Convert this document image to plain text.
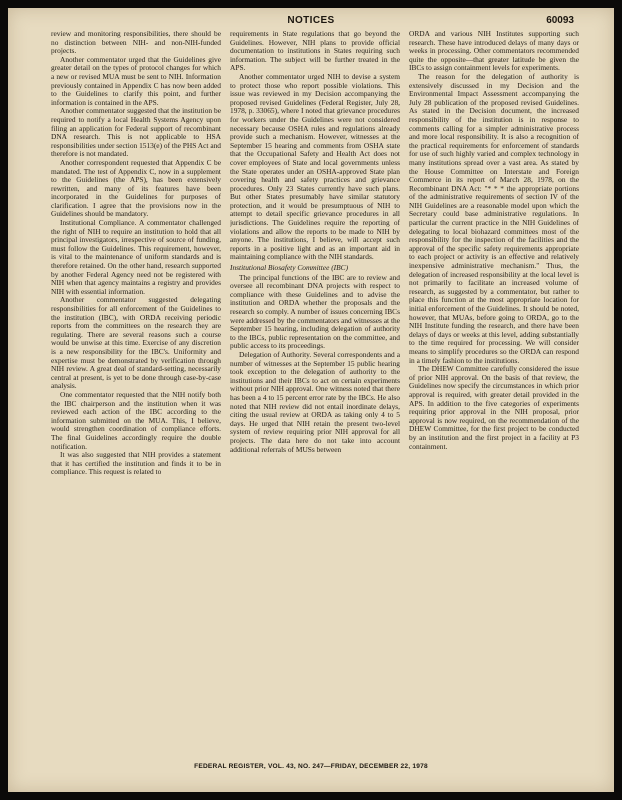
NOTICES	60093

review and monitoring responsibilities, there should be no distinction between NIH- and non-NIH-funded projects.

Another commentator urged that the Guidelines give greater detail on the types of protocol changes for which a new or revised MUA must be sent to NIH. Information previously contained in Appendix C has now been added to the Guidelines to clarify this point, and further information is contained in the APS.

Another commentator suggested that the institution be required to notify a local Health Systems Agency upon filing an application for Federal support of recombinant DNA research. This is not applicable to HSA responsibilities under section 1513(e) of the PHS Act and therefore is not mandated.

Another correspondent requested that Appendix C be mandated. The test of Appendix C, now in a supplement to the Guidelines (the APS), has been extensively rewritten, and many of its features have been incorporated in the Guidelines for purposes of clarification. I agree that the provisions now in the Guidelines should be mandatory.

Institutional Compliance. A commentator challenged the right of NIH to require an institution to hold that all principal investigators, irrespective of source of funding, must follow the Guidelines. This requirement, however, is vital to the maintenance of uniform standards and is therefore retained. On the other hand, research supported by another Federal Agency need not be registered with NIH when that agency maintains a registry and provides NIH with essential information.

Another commentator suggested delegating responsibilities for all enforcement of the Guidelines to the institution (IBC), with ORDA receiving periodic reports from the committees on the research they are regulating. There are several reasons such a course would be unwise at this time. Exercise of any discretion is a new responsibility for the IBC's. Uniformity and expertise must be demonstrated by verification through NIH review. A great deal of standard-setting, necessarily central at present, is yet to be done through case-by-case analysis.

One commentator requested that the NIH notify both the IBC chairperson and the institution when it was reviewed each action of the IBC according to the information submitted on the MUA. This, I believe, would strengthen coordination of compliance efforts. The final Guidelines accordingly require the double notification.

It was also suggested that NIH provides a statement that it has certified the institution and finds it to be in compliance. This request is related to

requirements in State regulations that go beyond the Guidelines. However, NIH plans to provide official documentation to institutions in States requiring such information. The subject will be further treated in the APS.

Another commentator urged NIH to devise a system to protect those who report possible violations. This issue was reviewed in my Decision accompanying the proposed revised Guidelines (Federal Register, July 28, 1978, p. 33065), where I noted that grievance procedures for workers under the Guidelines were not considered necessary because OSHA rules and regulations already provide such a mechanism. However, witnesses at the September 15 hearing and comments from OSHA state that the Occupational Safety and Health Act does not cover employees of State and local governments unless the State operates under an OSHA-approved State plan covering health and safety practices and grievance procedures. Only 23 States currently have such plans. But other States presumably have similar statutory protection, and it would be presumptuous of NIH to attempt to detail specific grievance procedures in all jurisdictions. The Guidelines require the reporting of violations and allow the reports to be made to NIH by anyone. The institutions, I believe, will accept such reports in a positive light and as an important aid in maintaining compliance with the NIH standards.

Institutional Biosafety Committee (IBC)

The principal functions of the IBC are to review and oversee all recombinant DNA projects with respect to compliance with these Guidelines and to advise the institution and ORDA whether the proposals and the research so comply. A number of issues concerning IBCs were addressed by the commentators and witnesses at the September 15 hearing, including delegation of authority to the IBCs, public representation on the committee, and public access to its proceedings.

Delegation of Authority. Several correspondents and a number of witnesses at the September 15 public hearing took exception to the delegation of authority to the institutions and their IBCs to act on certain experiments without prior NIH approval. One witness noted that there has been a 4 to 15 percent error rate by the IBCs. He also noted that NIH review did not entail inordinate delays, citing the usual review at ORDA as taking only 4 to 5 days. He urged that NIH retain the present two-level system of review requiring prior NIH approval for all projects. The data here do not take into account additional referrals of MUSs between

ORDA and various NIH Institutes supporting such research. These have introduced delays of many days or weeks in processing. Other commentators recommended quite the opposite—that greater latitude be given the IBCs to assign containment levels for experiments.

The reason for the delegation of authority is extensively discussed in my Decision and the Environmental Impact Assessment accompanying the July 28 publication of the proposed revised Guidelines. As stated in the Decision document, the increased responsibility of the institution is in response to comments calling for a simpler administrative process and more local responsibility. It is also a recognition of the practical requirements for enforcement of standards for use of such highly varied and complex technology in many institutions spread over a vast area. As stated by the House Committee on Interstate and Foreign Commerce in its report of March 28, 1978, on the Recombinant DNA Act: "* * * the appropriate portions of the administrative requirements of section IV of the NIH Guidelines are a reasonable model upon which the Secretary could base administrative regulations. In particular the current practice in the NIH Guidelines of delegating to local biohazard committees most of the responsibility for the inspection of the facilities and the approval of the specific safety requirements appropriate to each project or activity is an effective and relatively inexpensive administrative mechanism." Thus, the delegation of increased responsibility at the local level is not primarily to facilitate an increased volume of research, as suggested by a commentator, but rather to place this function at the most appropriate location for initial enforcement of the Guidelines. It should be noted, however, that MUAs, before going to ORDA, go to the NIH Institute funding the research, and there have been delays of days or weeks at this level, adding substantially to the time required for processing. We will consider means to simplify procedures so the ORDA can respond in a timely fashion to the institutions.

The DHEW Committee carefully considered the issue of prior NIH approval. On the basis of that review, the Guidelines now specify the circumstances in which prior approval is required, with greater detail provided in the APS. In addition to the five categories of experiments requiring prior approval in the NIH proposal, prior approval is now required, on the recommendation of the DHEW Committee, for the first project to be conducted by an institution and the first project in a facility at P3 containment.

FEDERAL REGISTER, VOL. 43, NO. 247—FRIDAY, DECEMBER 22, 1978
